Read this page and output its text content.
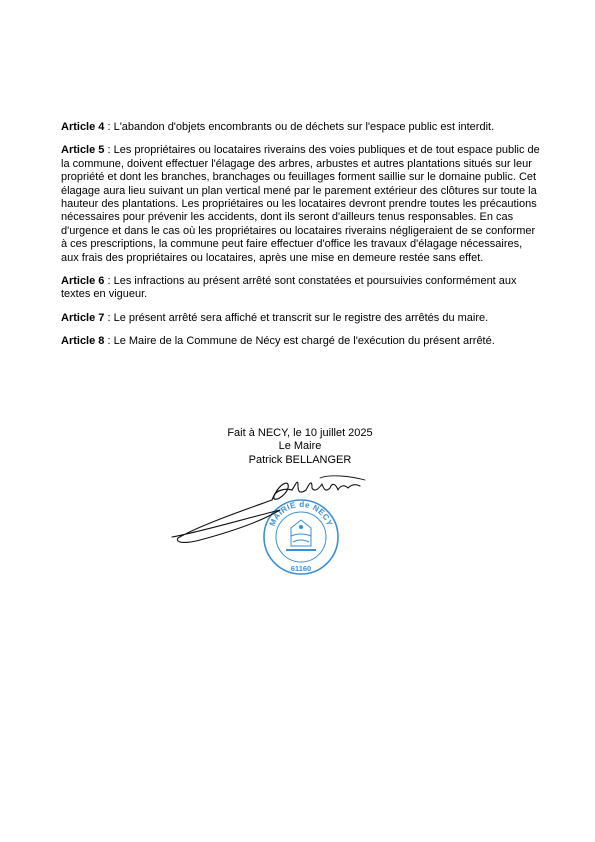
Article 4 : L'abandon d'objets encombrants ou de déchets sur l'espace public est interdit.

Article 5 : Les propriétaires ou locataires riverains des voies publiques et de tout espace public de la commune, doivent effectuer l'élagage des arbres, arbustes et autres plantations situés sur leur propriété et dont les branches, branchages ou feuillages forment saillie sur le domaine public. Cet élagage aura lieu suivant un plan vertical mené par le parement extérieur des clôtures sur toute la hauteur des plantations. Les propriétaires ou les locataires devront prendre toutes les précautions nécessaires pour prévenir les accidents, dont ils seront d'ailleurs tenus responsables. En cas d'urgence et dans le cas où les propriétaires ou locataires riverains négligeraient de se conformer à ces prescriptions, la commune peut faire effectuer d'office les travaux d'élagage nécessaires, aux frais des propriétaires ou locataires, après une mise en demeure restée sans effet.

Article 6 : Les infractions au présent arrêté sont constatées et poursuivies conformément aux textes en vigueur.

Article 7 : Le présent arrêté sera affiché et transcrit sur le registre des arrêtés du maire.

Article 8 : Le Maire de la Commune de Nécy est chargé de l'exécution du présent arrêté.

Fait à NECY, le 10 juillet 2025
Le Maire
Patrick BELLANGER
MAIRIE de NECY
61160
